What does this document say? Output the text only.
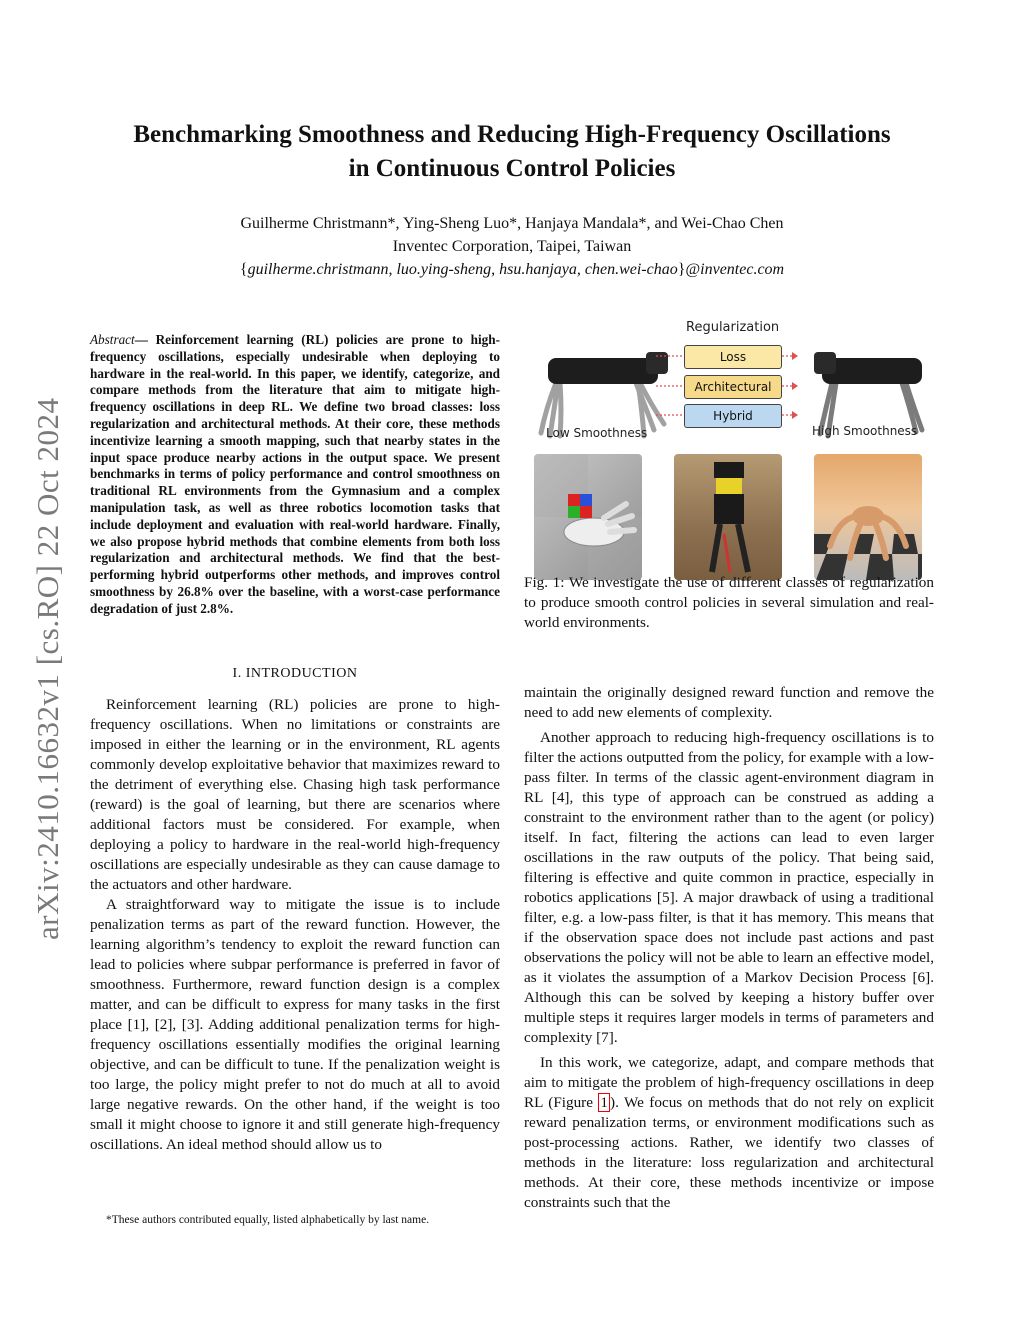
arXiv:2410.16632v1 [cs.RO] 22 Oct 2024
Benchmarking Smoothness and Reducing High-Frequency Oscillations
in Continuous Control Policies
Guilherme Christmann*, Ying-Sheng Luo*, Hanjaya Mandala*, and Wei-Chao Chen
Inventec Corporation, Taipei, Taiwan
{guilherme.christmann, luo.ying-sheng, hsu.hanjaya, chen.wei-chao}@inventec.com
Abstract— Reinforcement learning (RL) policies are prone to high-frequency oscillations, especially undesirable when deploying to hardware in the real-world. In this paper, we identify, categorize, and compare methods from the literature that aim to mitigate high-frequency oscillations in deep RL. We define two broad classes: loss regularization and architectural methods. At their core, these methods incentivize learning a smooth mapping, such that nearby states in the input space produce nearby actions in the output space. We present benchmarks in terms of policy performance and control smoothness on traditional RL environments from the Gymnasium and a complex manipulation task, as well as three robotics locomotion tasks that include deployment and evaluation with real-world hardware. Finally, we also propose hybrid methods that combine elements from both loss regularization and architectural methods. We find that the best-performing hybrid outperforms other methods, and improves control smoothness by 26.8% over the baseline, with a worst-case performance degradation of just 2.8%.
I. INTRODUCTION

Reinforcement learning (RL) policies are prone to high-frequency oscillations. When no limitations or constraints are imposed in either the learning or in the environment, RL agents commonly develop exploitative behavior that maximizes reward to the detriment of everything else. Chasing high task performance (reward) is the goal of learning, but there are scenarios where additional factors must be considered. For example, when deploying a policy to hardware in the real-world high-frequency oscillations are especially undesirable as they can cause damage to the actuators and other hardware.

A straightforward way to mitigate the issue is to include penalization terms as part of the reward function. However, the learning algorithm’s tendency to exploit the reward function can lead to policies where subpar performance is preferred in favor of smoothness. Furthermore, reward function design is a complex matter, and can be difficult to express for many tasks in the first place [1], [2], [3]. Adding additional penalization terms for high-frequency oscillations essentially modifies the original learning objective, and can be difficult to tune. If the penalization weight is too large, the policy might prefer to not do much at all to avoid large negative rewards. On the other hand, if the weight is too small it might choose to ignore it and still generate high-frequency oscillations. An ideal method should allow us to

*These authors contributed equally, listed alphabetically by last name.
Regularization
Loss
Architectural
Hybrid
Low Smoothness	High Smoothness
Fig. 1: We investigate the use of different classes of regularization to produce smooth control policies in several simulation and real-world environments.

maintain the originally designed reward function and remove the need to add new elements of complexity.

Another approach to reducing high-frequency oscillations is to filter the actions outputted from the policy, for example with a low-pass filter. In terms of the classic agent-environment diagram in RL [4], this type of approach can be construed as adding a constraint to the environment rather than to the agent (or policy) itself. In fact, filtering the actions can lead to even larger oscillations in the raw outputs of the policy. That being said, filtering is effective and quite common in practice, especially in robotics applications [5]. A major drawback of using a traditional filter, e.g. a low-pass filter, is that it has memory. This means that if the observation space does not include past actions and past observations the policy will not be able to learn an effective model, as it violates the assumption of a Markov Decision Process [6]. Although this can be solved by keeping a history buffer over multiple steps it requires larger models in terms of parameters and complexity [7].

In this work, we categorize, adapt, and compare methods that aim to mitigate the problem of high-frequency oscillations in deep RL (Figure 1 ). We focus on methods that do not rely on explicit reward penalization terms, or environment modifications such as post-processing actions. Rather, we identify two classes of methods in the literature: loss regularization and architectural methods. At their core, these methods incentivize or impose constraints such that the
